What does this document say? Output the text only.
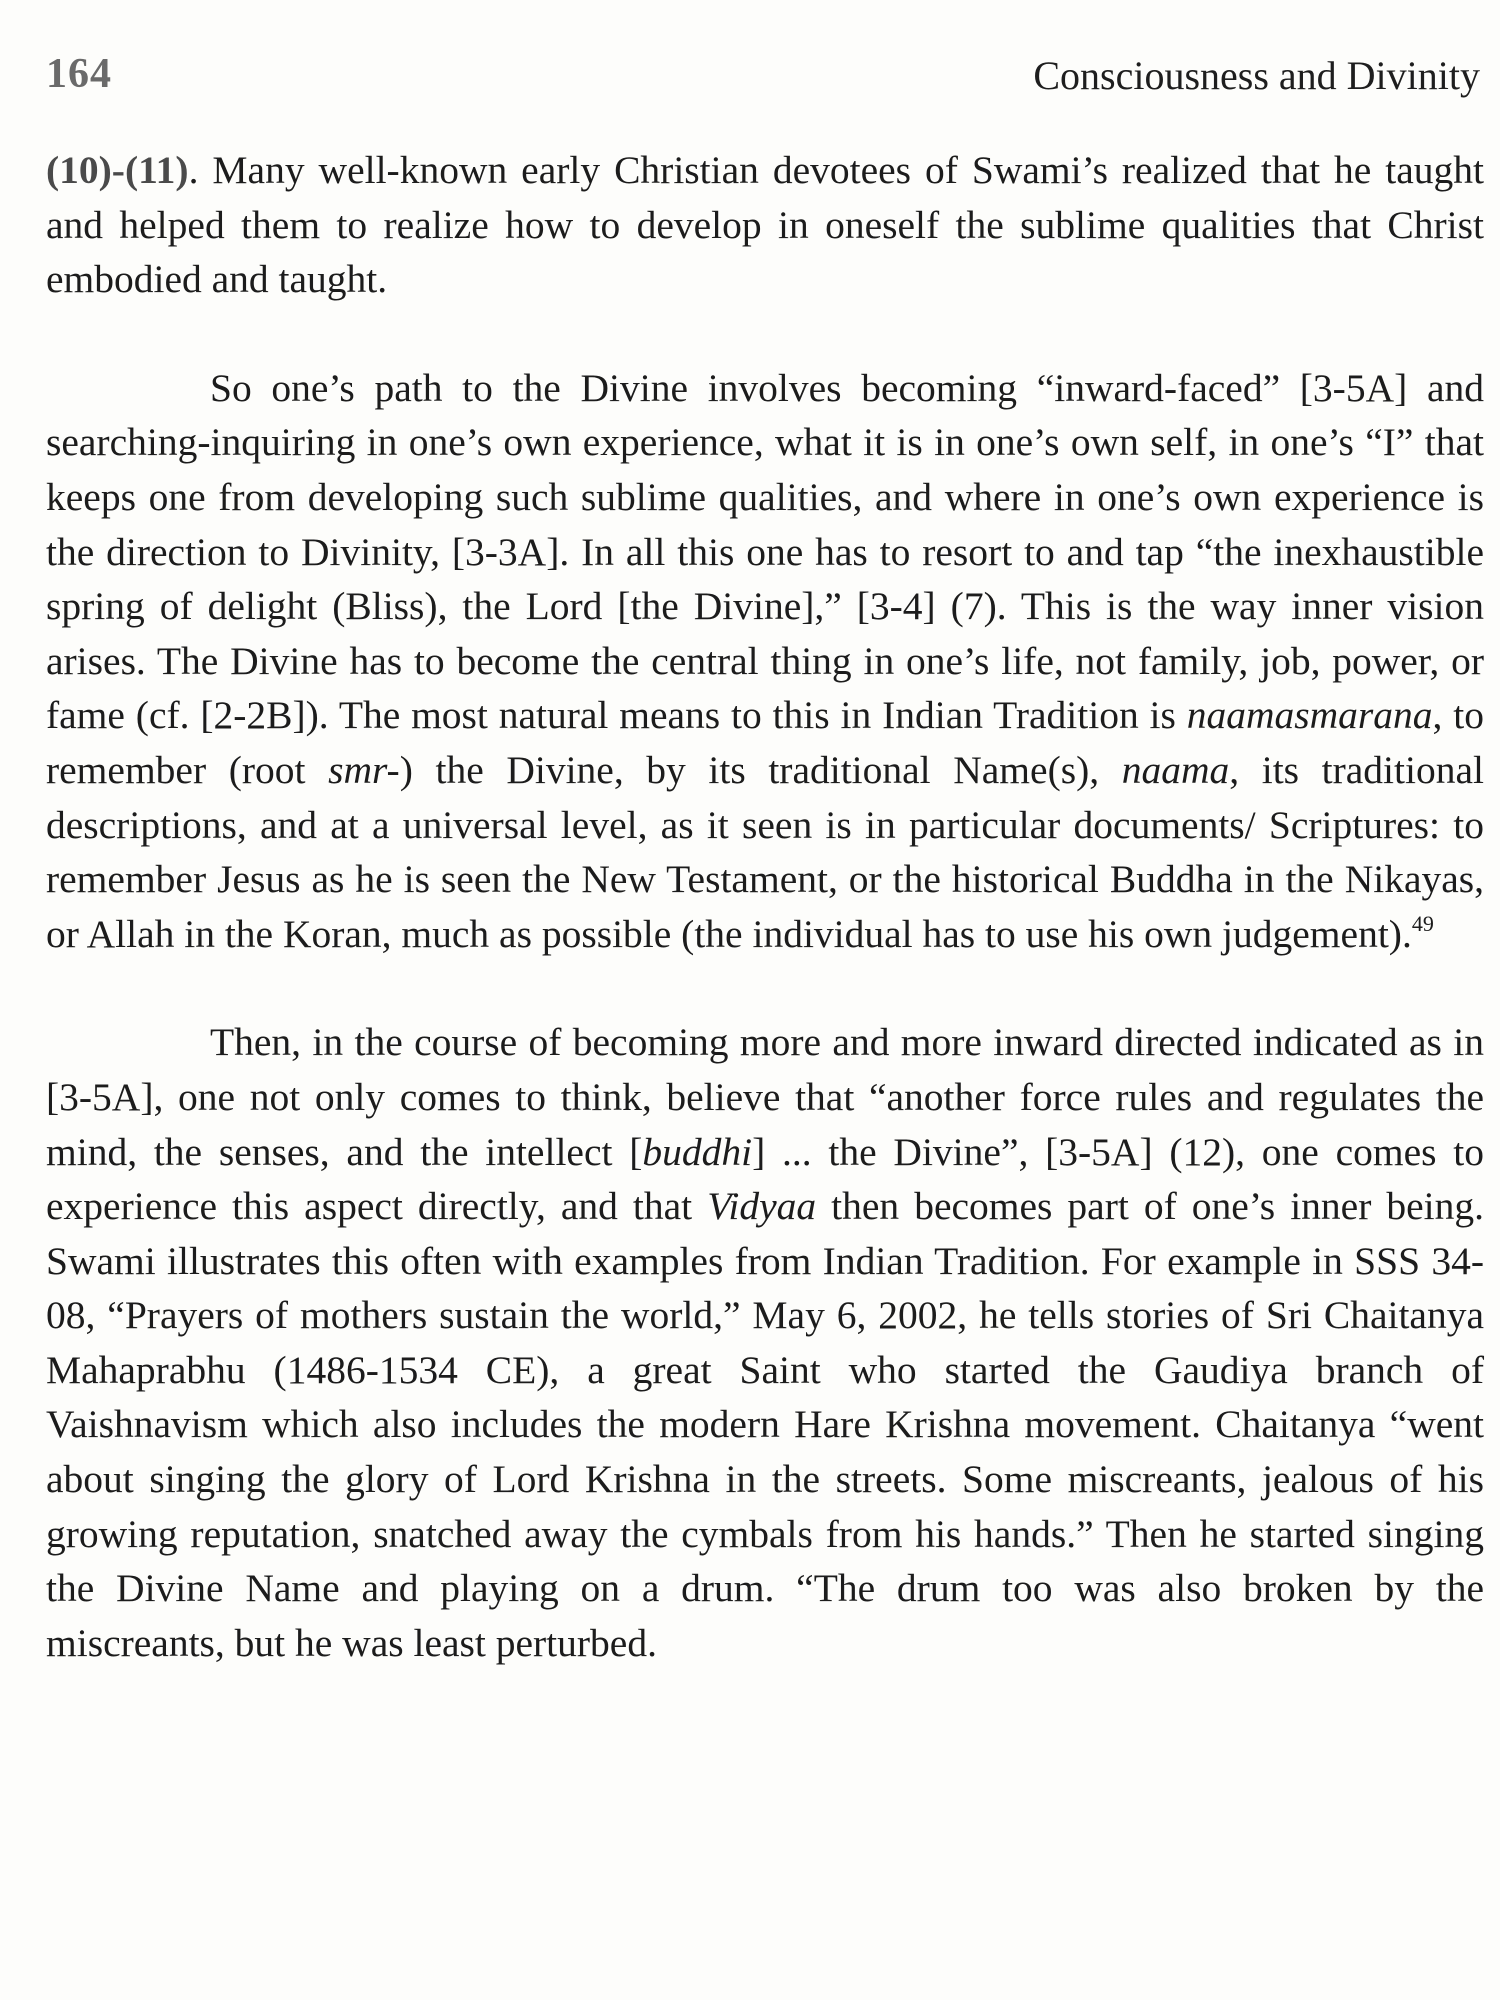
164	Consciousness and Divinity

(10)-(11). Many well-known early Christian devotees of Swami’s realized that he taught and helped them to realize how to develop in oneself the sublime qualities that Christ embodied and taught.

So one’s path to the Divine involves becoming “inward-faced” [3-5A] and searching-inquiring in one’s own experience, what it is in one’s own self, in one’s “I” that keeps one from developing such sublime qualities, and where in one’s own experience is the direction to Divinity, [3-3A]. In all this one has to resort to and tap “the inexhaustible spring of delight (Bliss), the Lord [the Divine],” [3-4] (7). This is the way inner vision arises. The Divine has to become the central thing in one’s life, not family, job, power, or fame (cf. [2-2B]). The most natural means to this in Indian Tradition is naamasmarana, to remember (root smr-) the Divine, by its traditional Name(s), naama, its traditional descriptions, and at a universal level, as it seen is in particular documents/ Scriptures: to remember Jesus as he is seen the New Testament, or the historical Buddha in the Nikayas, or Allah in the Koran, much as possible (the individual has to use his own judgement).$^{49}$

Then, in the course of becoming more and more inward directed indicated as in [3-5A], one not only comes to think, believe that “another force rules and regulates the mind, the senses, and the intellect [buddhi] ... the Divine”, [3-5A] (12), one comes to experience this aspect directly, and that Vidyaa then becomes part of one’s inner being. Swami illustrates this often with examples from Indian Tradition. For example in SSS 34-08, “Prayers of mothers sustain the world,” May 6, 2002, he tells stories of Sri Chaitanya Mahaprabhu (1486-1534 CE), a great Saint who started the Gaudiya branch of Vaishnavism which also includes the modern Hare Krishna movement. Chaitanya “went about singing the glory of Lord Krishna in the streets. Some miscreants, jealous of his growing reputation, snatched away the cymbals from his hands.” Then he started singing the Divine Name and playing on a drum. “The drum too was also broken by the miscreants, but he was least perturbed.
